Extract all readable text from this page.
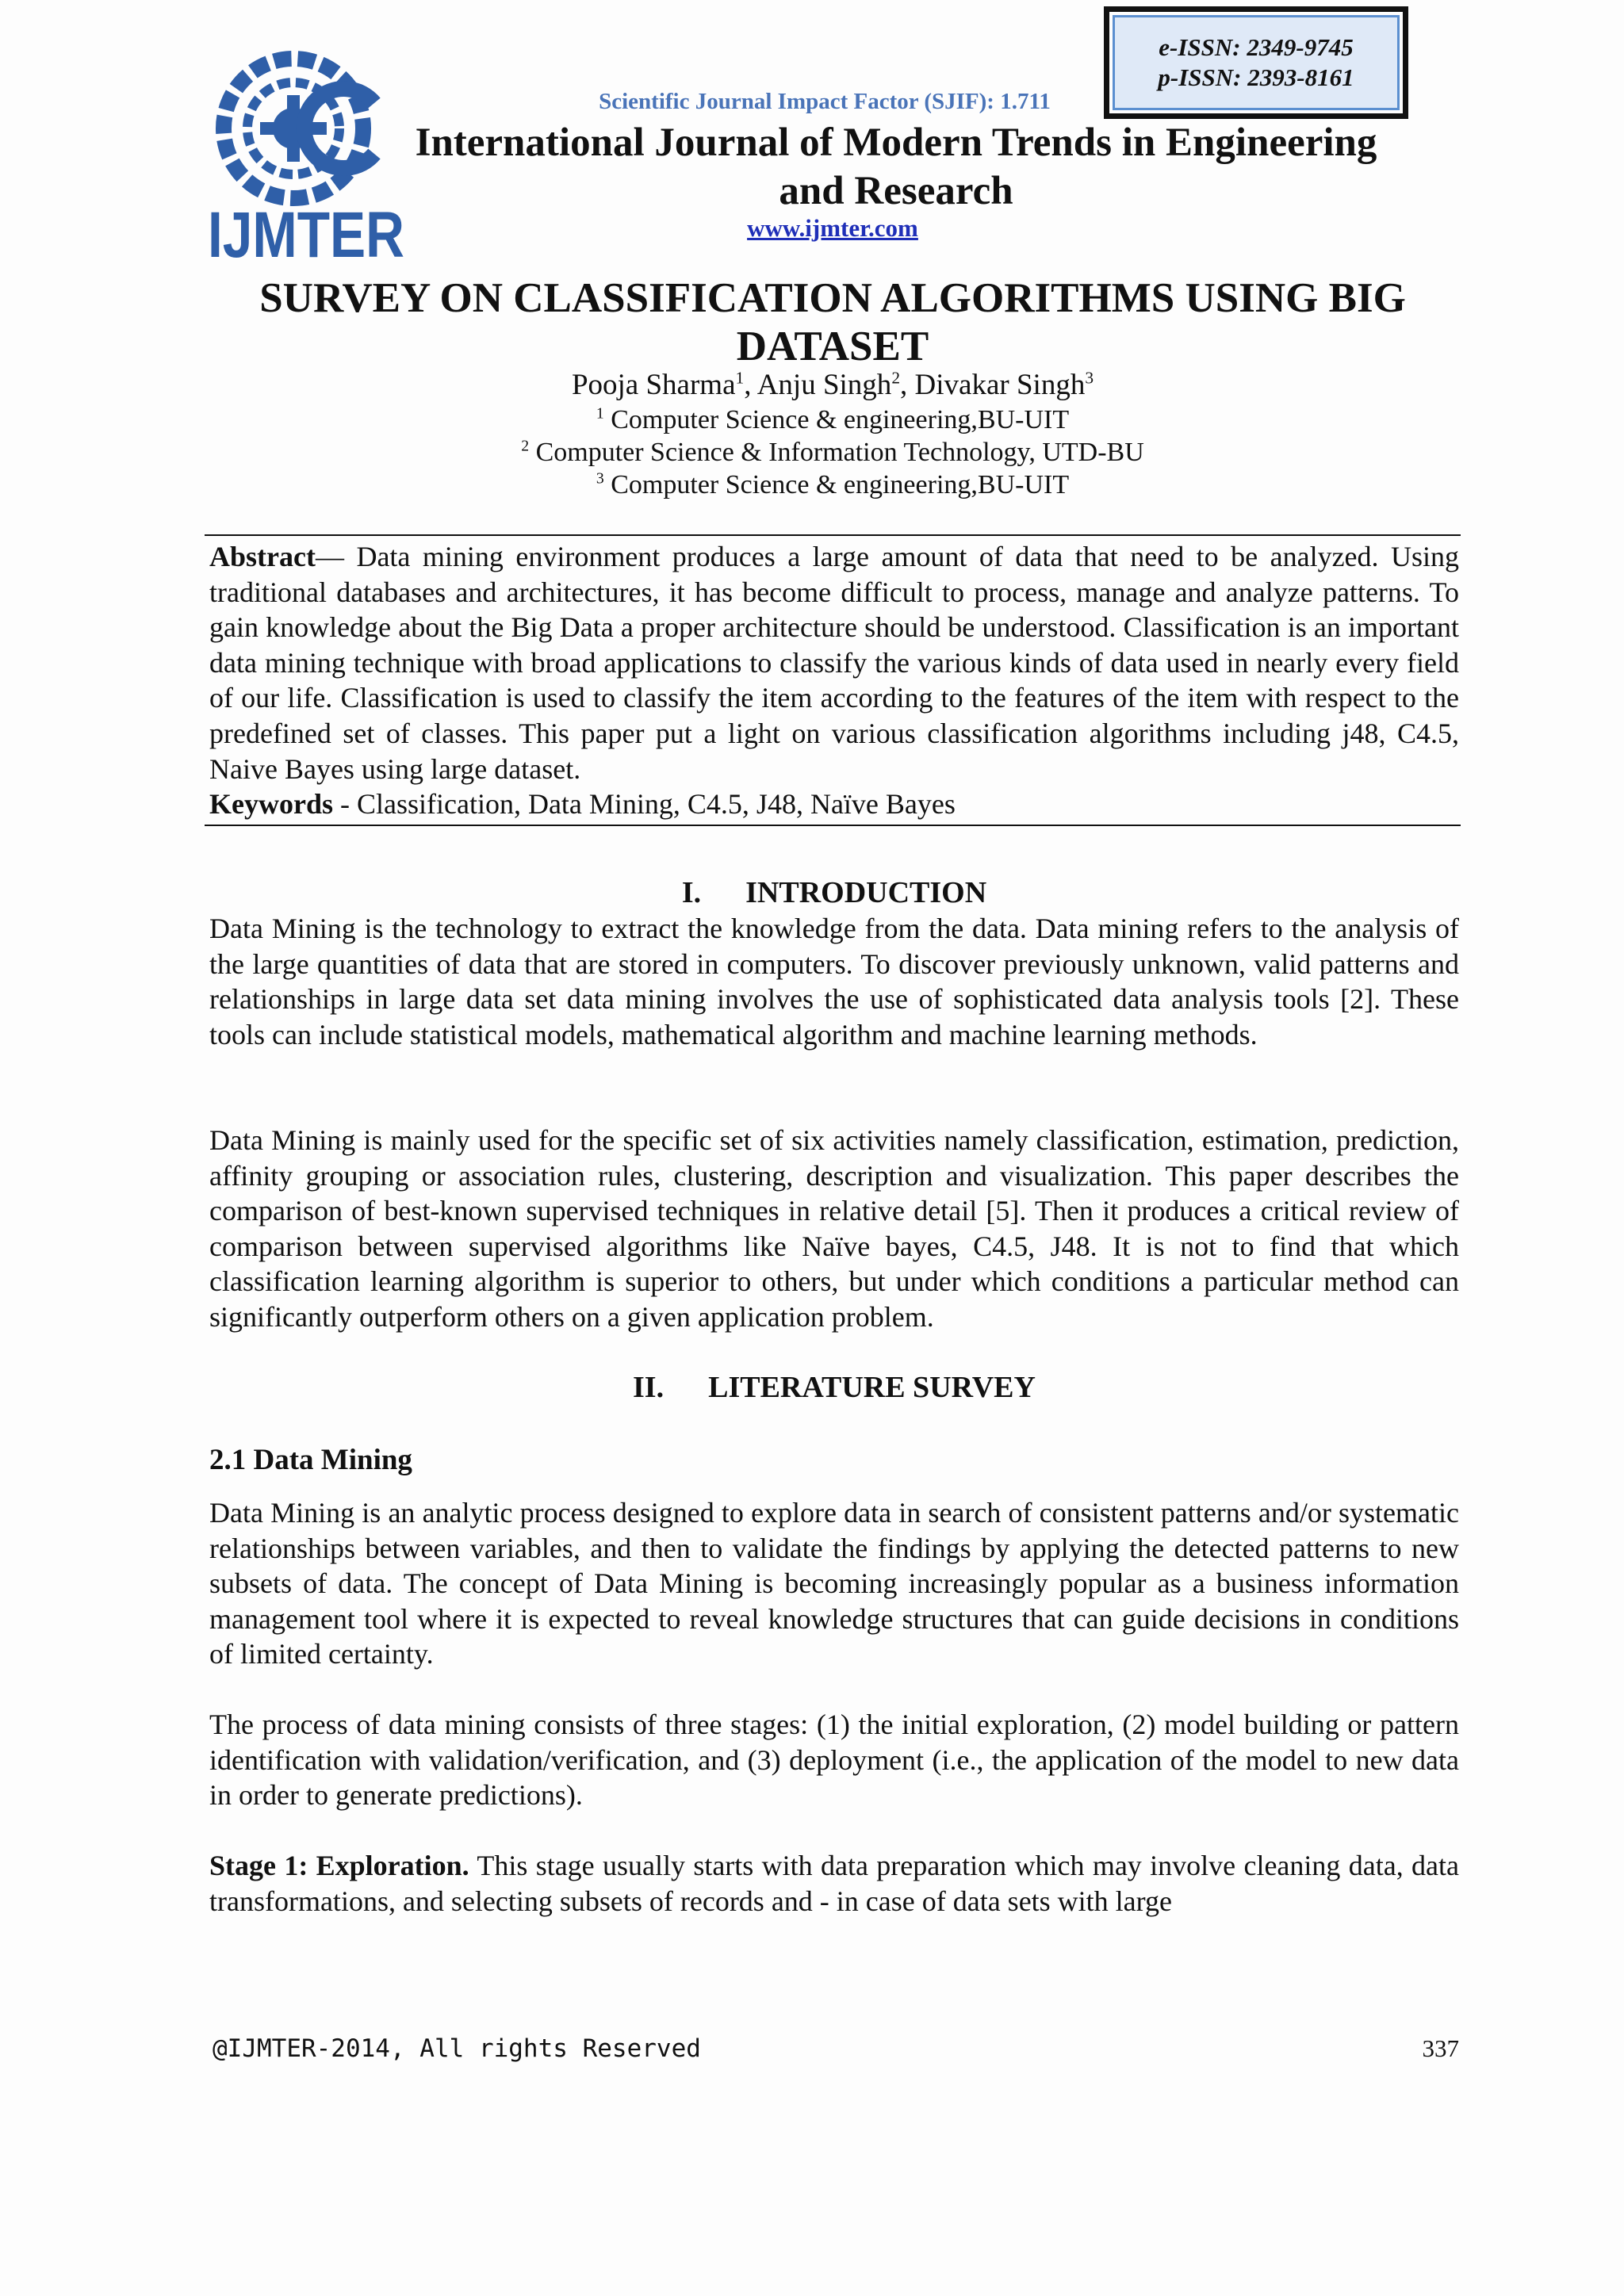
IJMTER
e-ISSN: 2349-9745
p-ISSN: 2393-8161
Scientific Journal Impact Factor (SJIF): 1.711
International Journal of Modern Trends in Engineering
and Research
www.ijmter.com
SURVEY ON CLASSIFICATION ALGORITHMS USING BIG
DATASET
Pooja Sharma$^1$, Anju Singh$^2$, Divakar Singh$^3$
$^1$ Computer Science & engineering,BU-UIT
$^2$ Computer Science & Information Technology, UTD-BU
$^3$ Computer Science & engineering,BU-UIT
Abstract— Data mining environment produces a large amount of data that need to be analyzed. Using traditional databases and architectures, it has become difficult to process, manage and analyze patterns. To gain knowledge about the Big Data a proper architecture should be understood. Classification is an important data mining technique with broad applications to classify the various kinds of data used in nearly every field of our life. Classification is used to classify the item according to the features of the item with respect to the predefined set of classes. This paper put a light on various classification algorithms including j48, C4.5, Naive Bayes using large dataset.
Keywords - Classification, Data Mining, C4.5, J48, Naïve Bayes
I. INTRODUCTION
Data Mining is the technology to extract the knowledge from the data. Data mining refers to the analysis of the large quantities of data that are stored in computers. To discover previously unknown, valid patterns and relationships in large data set data mining involves the use of sophisticated data analysis tools [2]. These tools can include statistical models, mathematical algorithm and machine learning methods.
Data Mining is mainly used for the specific set of six activities namely classification, estimation, prediction, affinity grouping or association rules, clustering, description and visualization. This paper describes the comparison of best-known supervised techniques in relative detail [5]. Then it produces a critical review of comparison between supervised algorithms like Naïve bayes, C4.5, J48. It is not to find that which classification learning algorithm is superior to others, but under which conditions a particular method can significantly outperform others on a given application problem.
II. LITERATURE SURVEY
2.1 Data Mining
Data Mining is an analytic process designed to explore data in search of consistent patterns and/or systematic relationships between variables, and then to validate the findings by applying the detected patterns to new subsets of data. The concept of Data Mining is becoming increasingly popular as a business information management tool where it is expected to reveal knowledge structures that can guide decisions in conditions of limited certainty.
The process of data mining consists of three stages: (1) the initial exploration, (2) model building or pattern identification with validation/verification, and (3) deployment (i.e., the application of the model to new data in order to generate predictions).
Stage 1: Exploration. This stage usually starts with data preparation which may involve cleaning data, data transformations, and selecting subsets of records and - in case of data sets with large
@IJMTER-2014, All rights Reserved	337
